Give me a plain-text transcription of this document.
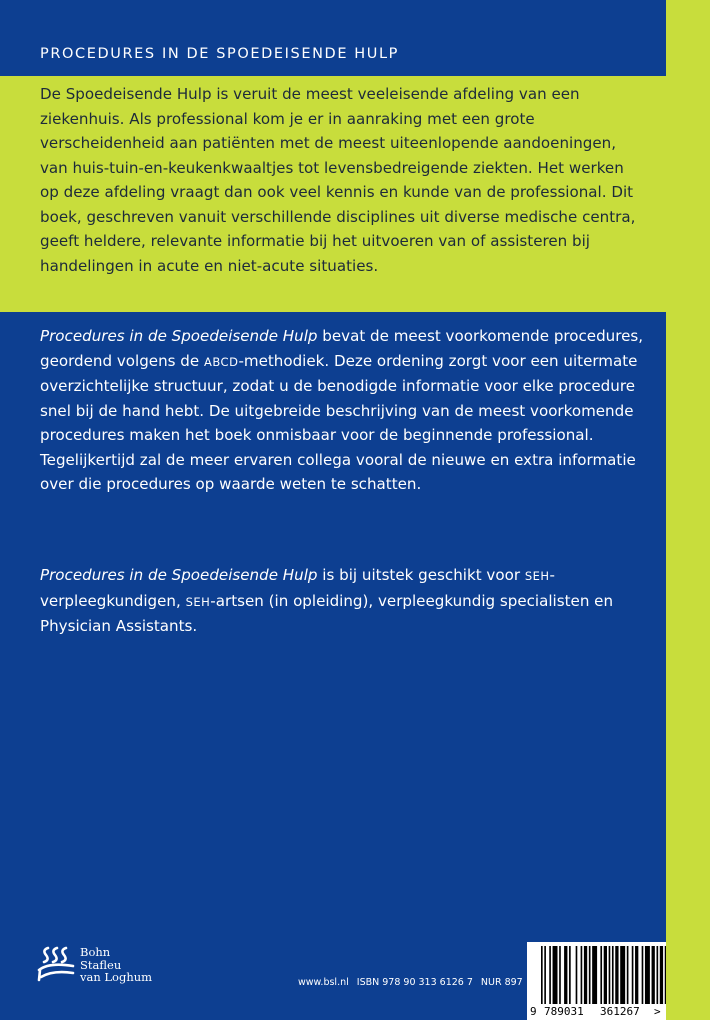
PROCEDURES IN DE SPOEDEISENDE HULP
De Spoedeisende Hulp is veruit de meest veeleisende afdeling van een ziekenhuis. Als professional kom je er in aanraking met een grote verscheidenheid aan patiënten met de meest uiteenlopende aandoeningen, van huis-tuin-en-keukenkwaaltjes tot levensbedreigende ziekten. Het werken op deze afdeling vraagt dan ook veel kennis en kunde van de professional. Dit boek, geschreven vanuit verschillende disciplines uit diverse medische centra, geeft heldere, relevante informatie bij het uitvoeren van of assisteren bij handelingen in acute en niet-acute situaties.
Procedures in de Spoedeisende Hulp bevat de meest voorkomende procedures, geordend volgens de ABCD-methodiek. Deze ordening zorgt voor een uitermate overzichtelijke structuur, zodat u de benodigde informatie voor elke procedure snel bij de hand hebt. De uitgebreide beschrijving van de meest voorkomende procedures maken het boek onmisbaar voor de beginnende professional. Tegelijkertijd zal de meer ervaren collega vooral de nieuwe en extra informatie over die procedures op waarde weten te schatten.
Procedures in de Spoedeisende Hulp is bij uitstek geschikt voor SEH-verpleegkundigen, SEH-artsen (in opleiding), verpleegkundig specialisten en Physician Assistants.
Bohn
Stafleu
van Loghum	www.bsl.nl ISBN 978 90 313 6126 7 NUR 897
9 789031 361267 >
